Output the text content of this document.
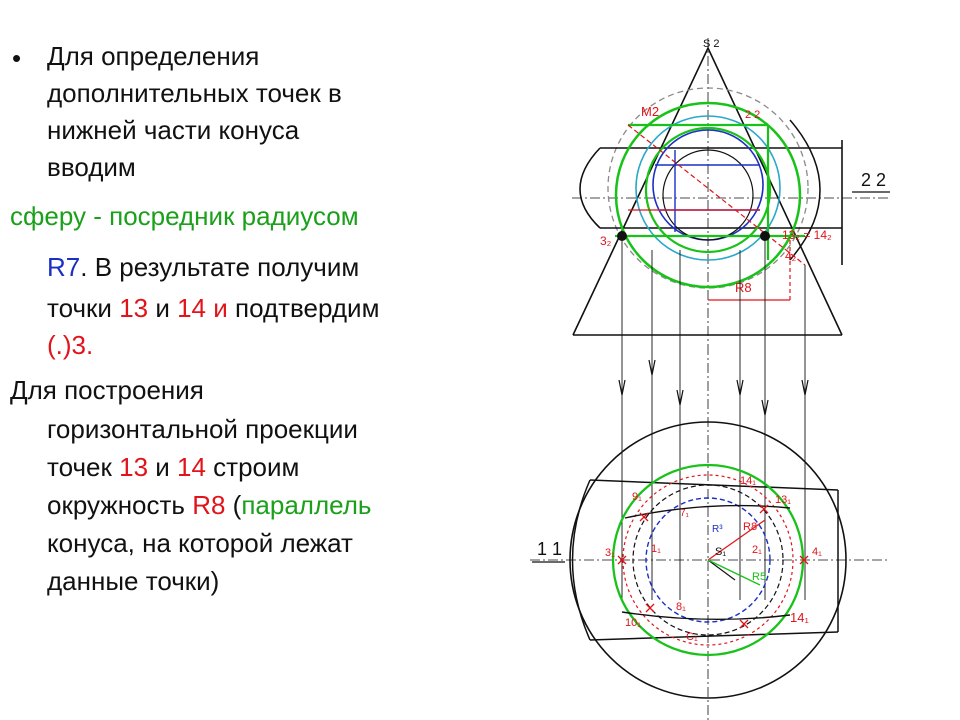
• Для определения
дополнительных точек в
нижней части конуса
вводим
сферу - посредник радиусом
R7. В результате получим
точки 13 и 14 и подтвердим
(.)3.
Для построения
горизонтальной проекции
точек 13 и 14 строим
окружность R8 (параллель
конуса, на которой лежат
данные точки)
R8
S 2
M2	2 2
2 2
13₂ = 14₂
4₂
3₂
1 1
14₁
13₁
9₁
10₁
3₁	4₁
1₁	2₁
8₁
C₁
S₁
R³ R8
R5
7₁
14₁
